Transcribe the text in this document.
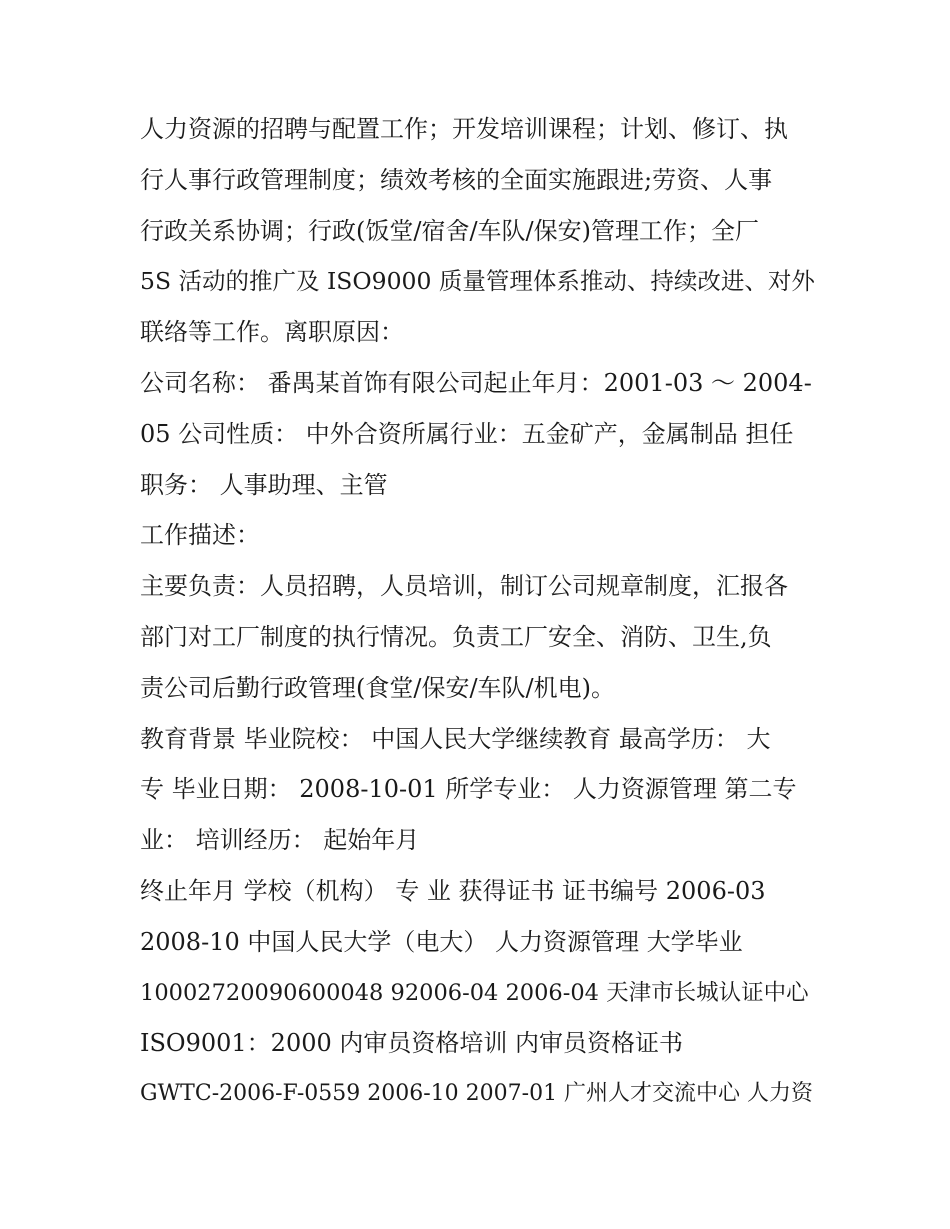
人力资源的招聘与配置工作；开发培训课程；计划、修订、执
行人事行政管理制度；绩效考核的全面实施跟进;劳资、人事
行政关系协调；行政(饭堂/宿舍/车队/保安)管理工作；全厂
5S 活动的推广及 ISO9000 质量管理体系推动、持续改进、对外
联络等工作。离职原因：
公司名称： 番禺某首饰有限公司起止年月：2001-03 ～ 2004-
05 公司性质： 中外合资所属行业：五金矿产，金属制品 担任
职务： 人事助理、主管
工作描述：
主要负责：人员招聘，人员培训，制订公司规章制度，汇报各
部门对工厂制度的执行情况。负责工厂安全、消防、卫生,负
责公司后勤行政管理(食堂/保安/车队/机电)。
教育背景 毕业院校： 中国人民大学继续教育 最高学历： 大
专 毕业日期： 2008-10-01 所学专业： 人力资源管理 第二专
业： 培训经历： 起始年月
终止年月 学校（机构） 专 业 获得证书 证书编号 2006-03
2008-10 中国人民大学（电大） 人力资源管理 大学毕业
10002720090600048 92006-04 2006-04 天津市长城认证中心
ISO9001：2000 内审员资格培训 内审员资格证书
GWTC-2006-F-0559 2006-10 2007-01 广州人才交流中心 人力资
